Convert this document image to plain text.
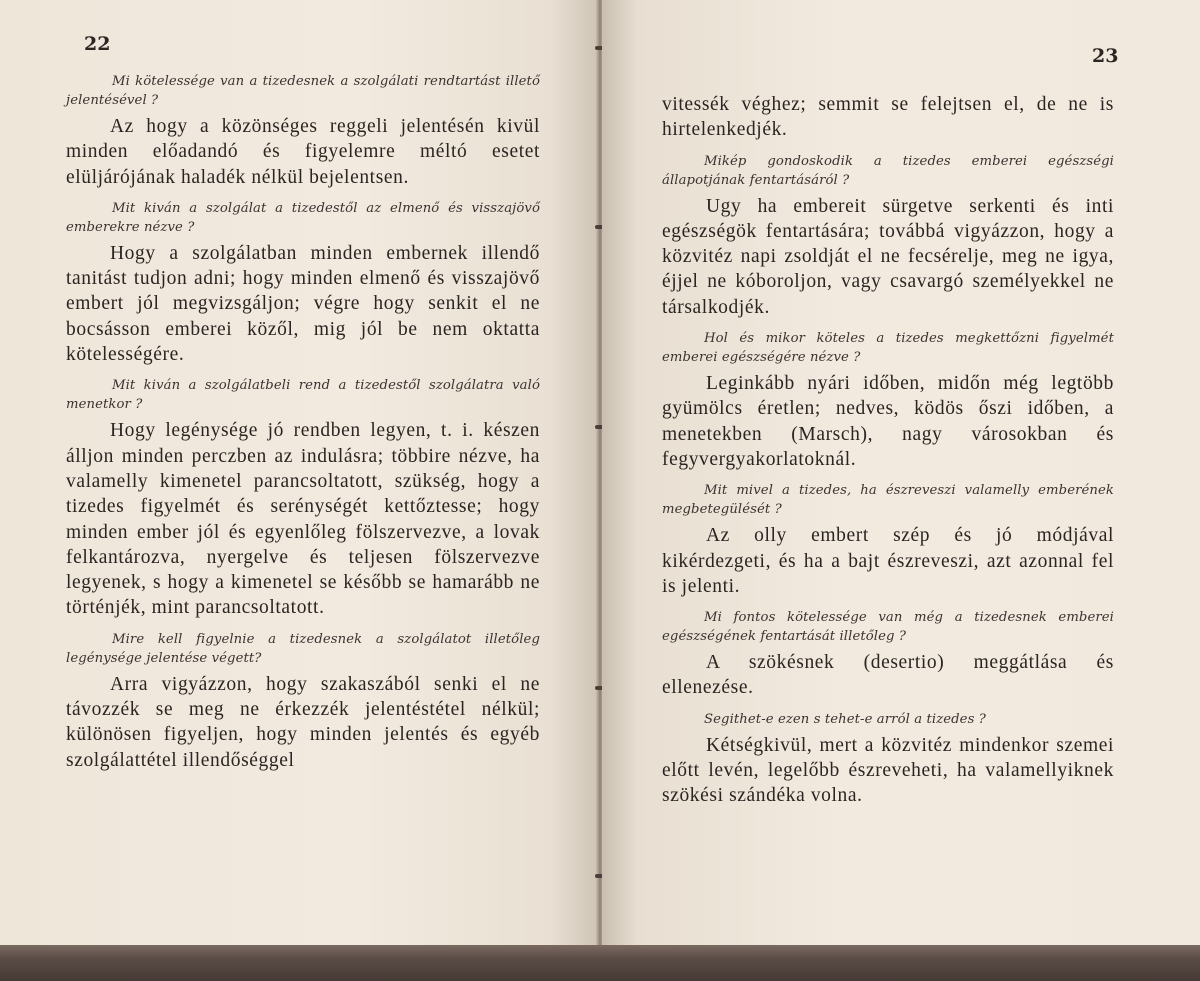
22

Mi kötelessége van a tizedesnek a szolgálati rendtartást illető jelentésével ?

Az hogy a közönséges reggeli jelentésén kivül minden előadandó és figyelemre méltó esetet elüljárójának haladék nélkül bejelentsen.

Mit kiván a szolgálat a tizedestől az elmenő és visszajövő emberekre nézve ?

Hogy a szolgálatban minden embernek illendő tanitást tudjon adni; hogy minden elmenő és visszajövő embert jól megvizsgáljon; végre hogy senkit el ne bocsásson emberei közől, mig jól be nem oktatta kötelességére.

Mit kiván a szolgálatbeli rend a tizedestől szolgálatra való menetkor ?

Hogy legénysége jó rendben legyen, t. i. készen álljon minden perczben az indulásra; többire nézve, ha valamelly kimenetel parancsoltatott, szükség, hogy a tizedes figyelmét és serénységét kettőztesse; hogy minden ember jól és egyenlőleg fölszervezve, a lovak felkantározva, nyergelve és teljesen fölszervezve legyenek, s hogy a kimenetel se később se hamarább ne történjék, mint parancsoltatott.

Mire kell figyelnie a tizedesnek a szolgálatot illetőleg legénysége jelentése végett?

Arra vigyázzon, hogy szakaszából senki el ne távozzék se meg ne érkezzék jelentéstétel nélkül; különösen figyeljen, hogy minden jelentés és egyéb szolgálattétel illendőséggel

23

vitessék véghez; semmit se felejtsen el, de ne is hirtelenkedjék.

Mikép gondoskodik a tizedes emberei egészségi állapotjának fentartásáról ?

Ugy ha embereit sürgetve serkenti és inti egészségök fentartására; továbbá vigyázzon, hogy a közvitéz napi zsoldját el ne fecsérelje, meg ne igya, éjjel ne kóboroljon, vagy csavargó személyekkel ne társalkodjék.

Hol és mikor köteles a tizedes megkettőzni figyelmét emberei egészségére nézve ?

Leginkább nyári időben, midőn még legtöbb gyümölcs éretlen; nedves, ködös őszi időben, a menetekben (Marsch), nagy városokban és fegyvergyakorlatoknál.

Mit mivel a tizedes, ha észreveszi valamelly emberének megbetegülését ?

Az olly embert szép és jó módjával kikérdezgeti, és ha a bajt észreveszi, azt azonnal fel is jelenti.

Mi fontos kötelessége van még a tizedesnek emberei egészségének fentartását illetőleg ?

A szökésnek (desertio) meggátlása és ellenezése.

Segithet-e ezen s tehet-e arról a tizedes ?

Kétségkivül, mert a közvitéz mindenkor szemei előtt levén, legelőbb észreveheti, ha valamellyiknek szökési szándéka volna.
